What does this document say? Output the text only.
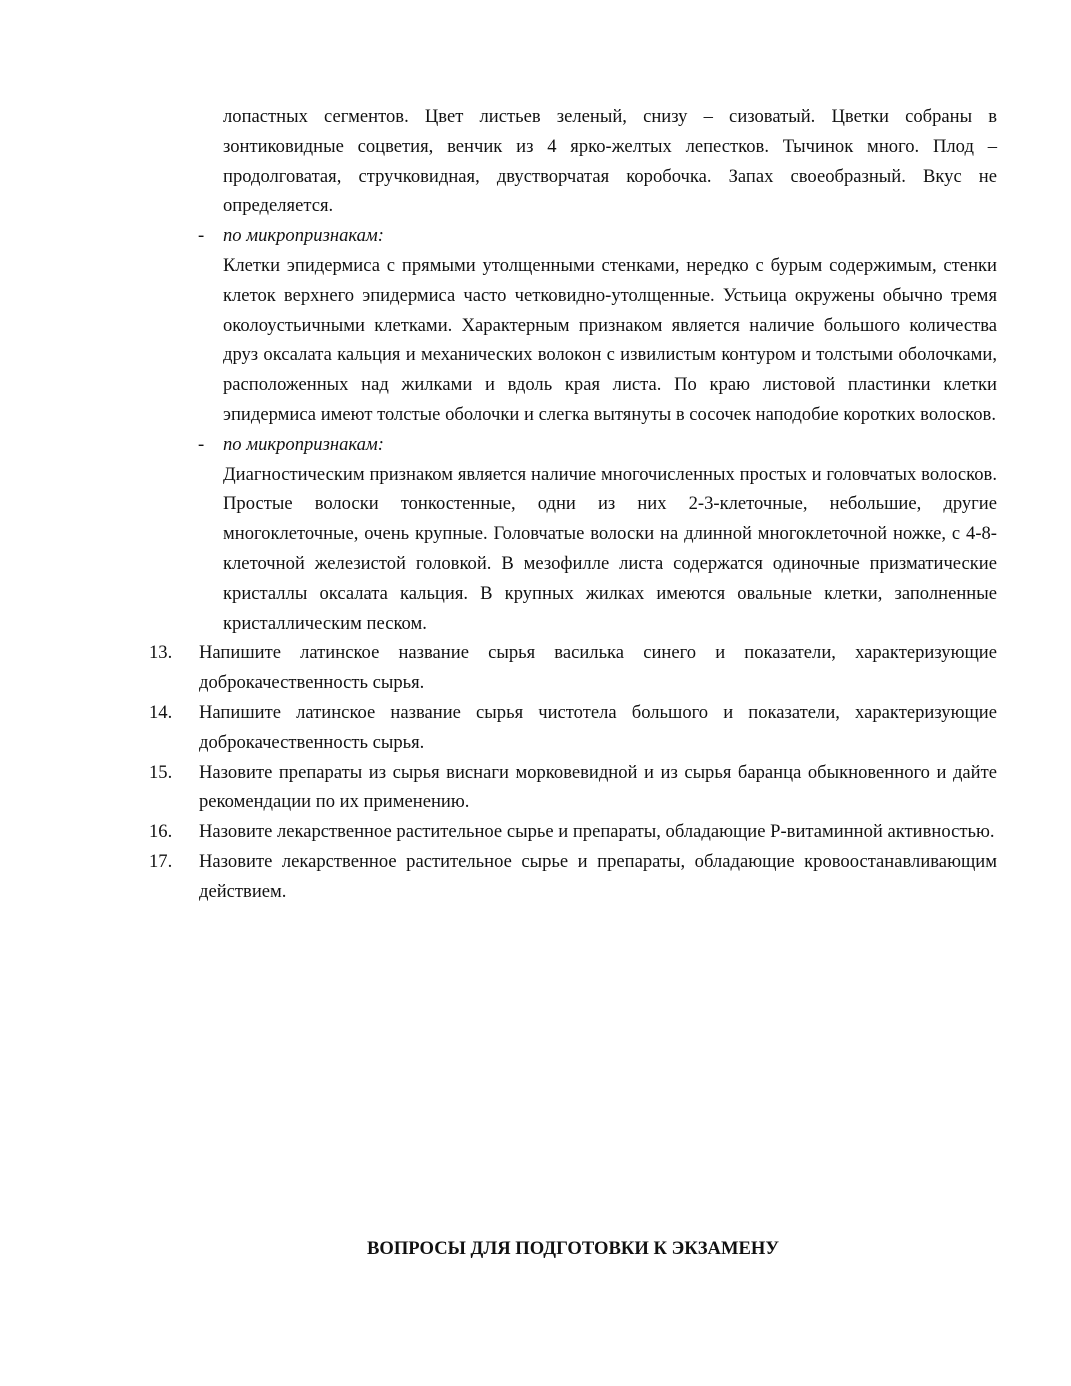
лопастных сегментов. Цвет листьев зеленый, снизу – сизоватый. Цветки собраны в зонтиковидные соцветия, венчик из 4 ярко-желтых лепестков. Тычинок много. Плод – продолговатая, стручковидная, двустворчатая коробочка. Запах своеобразный. Вкус не определяется.
- по микропризнакам:
Клетки эпидермиса с прямыми утолщенными стенками, нередко с бурым содержимым, стенки клеток верхнего эпидермиса часто четковидно-утолщенные. Устьица окружены обычно тремя околоустьичными клетками. Характерным признаком является наличие большого количества друз оксалата кальция и механических волокон с извилистым контуром и толстыми оболочками, расположенных над жилками и вдоль края листа. По краю листовой пластинки клетки эпидермиса имеют толстые оболочки и слегка вытянуты в сосочек наподобие коротких волосков.
- по микропризнакам:
Диагностическим признаком является наличие многочисленных простых и головчатых волосков. Простые волоски тонкостенные, одни из них 2-3-клеточные, небольшие, другие многоклеточные, очень крупные. Головчатые волоски на длинной многоклеточной ножке, с 4-8-клеточной железистой головкой. В мезофилле листа содержатся одиночные призматические кристаллы оксалата кальция. В крупных жилках имеются овальные клетки, заполненные кристаллическим песком.
13. Напишите латинское название сырья василька синего и показатели, характеризующие доброкачественность сырья.
14. Напишите латинское название сырья чистотела большого и показатели, характеризующие доброкачественность сырья.
15. Назовите препараты из сырья виснаги морковевидной и из сырья баранца обыкновенного и дайте рекомендации по их применению.
16. Назовите лекарственное растительное сырье и препараты, обладающие Р-витаминной активностью.
17. Назовите лекарственное растительное сырье и препараты, обладающие кровоостанавливающим действием.
ВОПРОСЫ ДЛЯ ПОДГОТОВКИ К ЭКЗАМЕНУ
